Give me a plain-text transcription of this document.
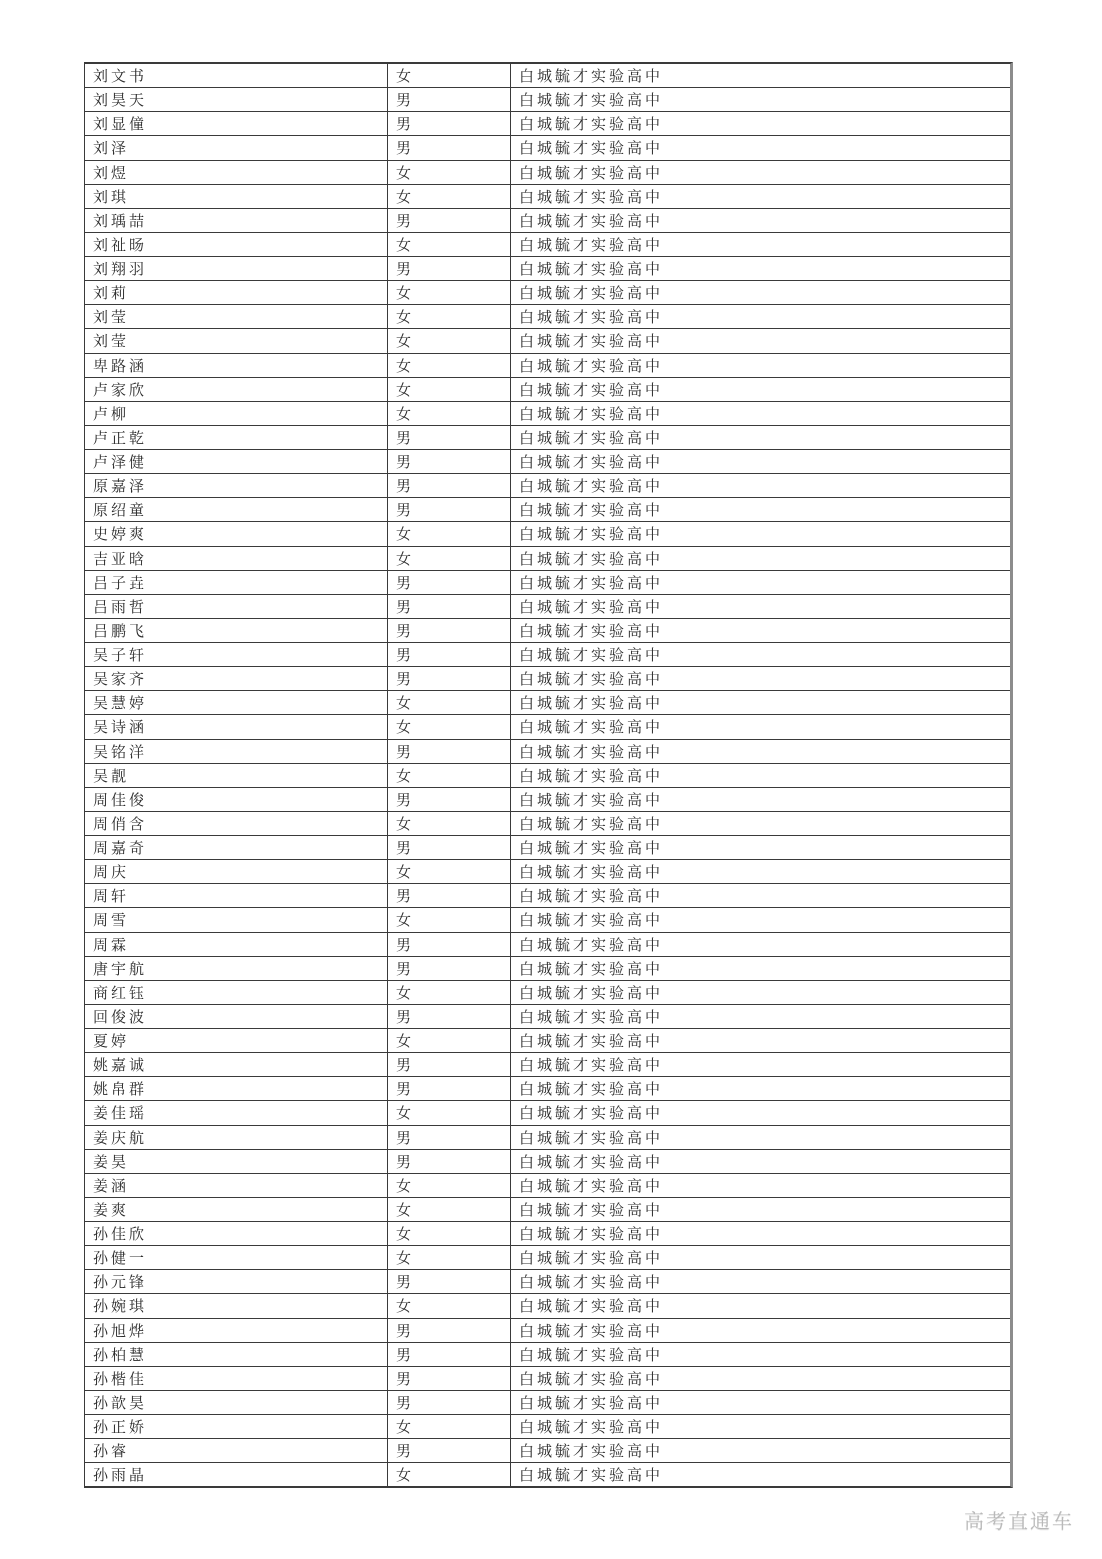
刘文书	女	白城毓才实验高中
刘昊天	男	白城毓才实验高中
刘显僮	男	白城毓才实验高中
刘泽	男	白城毓才实验高中
刘煜	女	白城毓才实验高中
刘琪	女	白城毓才实验高中
刘瑀喆	男	白城毓才实验高中
刘祉旸	女	白城毓才实验高中
刘翔羽	男	白城毓才实验高中
刘莉	女	白城毓才实验高中
刘莹	女	白城毓才实验高中
刘莹	女	白城毓才实验高中
卑路涵	女	白城毓才实验高中
卢家欣	女	白城毓才实验高中
卢柳	女	白城毓才实验高中
卢正乾	男	白城毓才实验高中
卢泽健	男	白城毓才实验高中
原嘉泽	男	白城毓才实验高中
原绍童	男	白城毓才实验高中
史婷爽	女	白城毓才实验高中
吉亚晗	女	白城毓才实验高中
吕子垚	男	白城毓才实验高中
吕雨哲	男	白城毓才实验高中
吕鹏飞	男	白城毓才实验高中
吴子轩	男	白城毓才实验高中
吴家齐	男	白城毓才实验高中
吴慧婷	女	白城毓才实验高中
吴诗涵	女	白城毓才实验高中
吴铭洋	男	白城毓才实验高中
吴靓	女	白城毓才实验高中
周佳俊	男	白城毓才实验高中
周俏含	女	白城毓才实验高中
周嘉奇	男	白城毓才实验高中
周庆	女	白城毓才实验高中
周轩	男	白城毓才实验高中
周雪	女	白城毓才实验高中
周霖	男	白城毓才实验高中
唐宇航	男	白城毓才实验高中
商红钰	女	白城毓才实验高中
回俊波	男	白城毓才实验高中
夏婷	女	白城毓才实验高中
姚嘉诚	男	白城毓才实验高中
姚帛群	男	白城毓才实验高中
姜佳瑶	女	白城毓才实验高中
姜庆航	男	白城毓才实验高中
姜昊	男	白城毓才实验高中
姜涵	女	白城毓才实验高中
姜爽	女	白城毓才实验高中
孙佳欣	女	白城毓才实验高中
孙健一	女	白城毓才实验高中
孙元锋	男	白城毓才实验高中
孙婉琪	女	白城毓才实验高中
孙旭烨	男	白城毓才实验高中
孙柏慧	男	白城毓才实验高中
孙楷佳	男	白城毓才实验高中
孙歆昊	男	白城毓才实验高中
孙正娇	女	白城毓才实验高中
孙睿	男	白城毓才实验高中
孙雨晶	女	白城毓才实验高中
高考直通车
